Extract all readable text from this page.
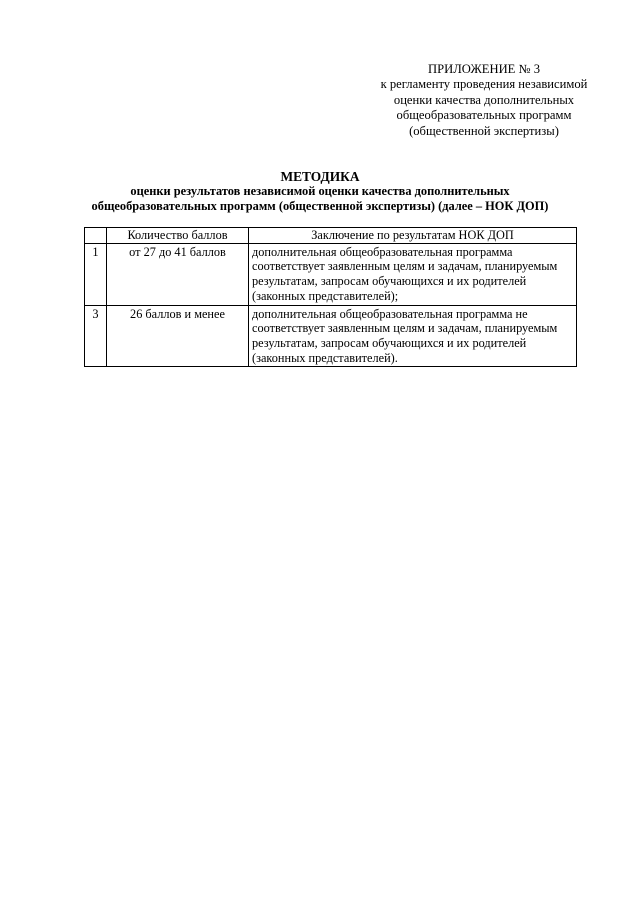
ПРИЛОЖЕНИЕ № 3
к регламенту проведения независимой
оценки качества дополнительных
общеобразовательных программ
(общественной экспертизы)
МЕТОДИКА
оценки результатов независимой оценки качества дополнительных
общеобразовательных программ (общественной экспертизы) (далее – НОК ДОП)
	Количество баллов	Заключение по результатам НОК ДОП
1	от 27 до 41 баллов	дополнительная общеобразовательная программа соответствует заявленным целям и задачам, планируемым результатам, запросам обучающихся и их родителей (законных представителей);
3	26 баллов и менее	дополнительная общеобразовательная программа не соответствует заявленным целям и задачам, планируемым результатам, запросам обучающихся и их родителей (законных представителей).
